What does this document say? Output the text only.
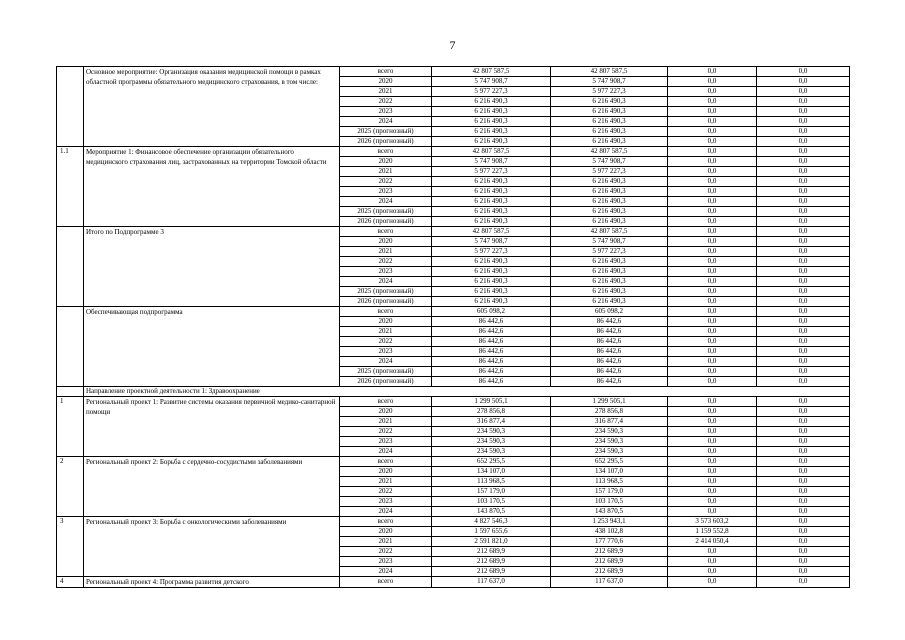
7
	Основное мероприятие: Организация оказания медицинской помощи в рамках областной программы обязательного медицинского страхования, в том числе:	всего	42 807 587,5	42 807 587,5	0,0	0,0
		2020	5 747 908,7	5 747 908,7	0,0	0,0
		2021	5 977 227,3	5 977 227,3	0,0	0,0
		2022	6 216 490,3	6 216 490,3	0,0	0,0
		2023	6 216 490,3	6 216 490,3	0,0	0,0
		2024	6 216 490,3	6 216 490,3	0,0	0,0
		2025 (прогнозный)	6 216 490,3	6 216 490,3	0,0	0,0
		2026 (прогнозный)	6 216 490,3	6 216 490,3	0,0	0,0
1.1	Мероприятие 1: Финансовое обеспечение организации обязательного медицинского страхования лиц, застрахованных на территории Томской области	всего	42 807 587,5	42 807 587,5	0,0	0,0
		2020	5 747 908,7	5 747 908,7	0,0	0,0
		2021	5 977 227,3	5 977 227,3	0,0	0,0
		2022	6 216 490,3	6 216 490,3	0,0	0,0
		2023	6 216 490,3	6 216 490,3	0,0	0,0
		2024	6 216 490,3	6 216 490,3	0,0	0,0
		2025 (прогнозный)	6 216 490,3	6 216 490,3	0,0	0,0
		2026 (прогнозный)	6 216 490,3	6 216 490,3	0,0	0,0
	Итого по Подпрограмме 3	всего	42 807 587,5	42 807 587,5	0,0	0,0
		2020	5 747 908,7	5 747 908,7	0,0	0,0
		2021	5 977 227,3	5 977 227,3	0,0	0,0
		2022	6 216 490,3	6 216 490,3	0,0	0,0
		2023	6 216 490,3	6 216 490,3	0,0	0,0
		2024	6 216 490,3	6 216 490,3	0,0	0,0
		2025 (прогнозный)	6 216 490,3	6 216 490,3	0,0	0,0
		2026 (прогнозный)	6 216 490,3	6 216 490,3	0,0	0,0
	Обеспечивающая подпрограмма	всего	605 098,2	605 098,2	0,0	0,0
		2020	86 442,6	86 442,6	0,0	0,0
		2021	86 442,6	86 442,6	0,0	0,0
		2022	86 442,6	86 442,6	0,0	0,0
		2023	86 442,6	86 442,6	0,0	0,0
		2024	86 442,6	86 442,6	0,0	0,0
		2025 (прогнозный)	86 442,6	86 442,6	0,0	0,0
		2026 (прогнозный)	86 442,6	86 442,6	0,0	0,0
	Направление проектной деятельности 1: Здравоохранение					
1	Региональный проект 1: Развитие системы оказания первичной медико-санитарной помощи	всего	1 299 505,1	1 299 505,1	0,0	0,0
		2020	278 856,8	278 856,8	0,0	0,0
		2021	316 877,4	316 877,4	0,0	0,0
		2022	234 590,3	234 590,3	0,0	0,0
		2023	234 590,3	234 590,3	0,0	0,0
		2024	234 590,3	234 590,3	0,0	0,0
2	Региональный проект 2: Борьба с сердечно-сосудистыми заболеваниями	всего	652 295,5	652 295,5	0,0	0,0
		2020	134 107,0	134 107,0	0,0	0,0
		2021	113 968,5	113 968,5	0,0	0,0
		2022	157 179,0	157 179,0	0,0	0,0
		2023	103 170,5	103 170,5	0,0	0,0
		2024	143 870,5	143 870,5	0,0	0,0
3	Региональный проект 3: Борьба с онкологическими заболеваниями	всего	4 827 546,3	1 253 943,1	3 573 603,2	0,0
		2020	1 597 655,6	438 102,8	1 159 552,8	0,0
		2021	2 591 821,0	177 770,6	2 414 050,4	0,0
		2022	212 689,9	212 689,9	0,0	0,0
		2023	212 689,9	212 689,9	0,0	0,0
		2024	212 689,9	212 689,9	0,0	0,0
4	Региональный проект 4: Программа развития детского	всего	117 637,0	117 637,0	0,0	0,0
